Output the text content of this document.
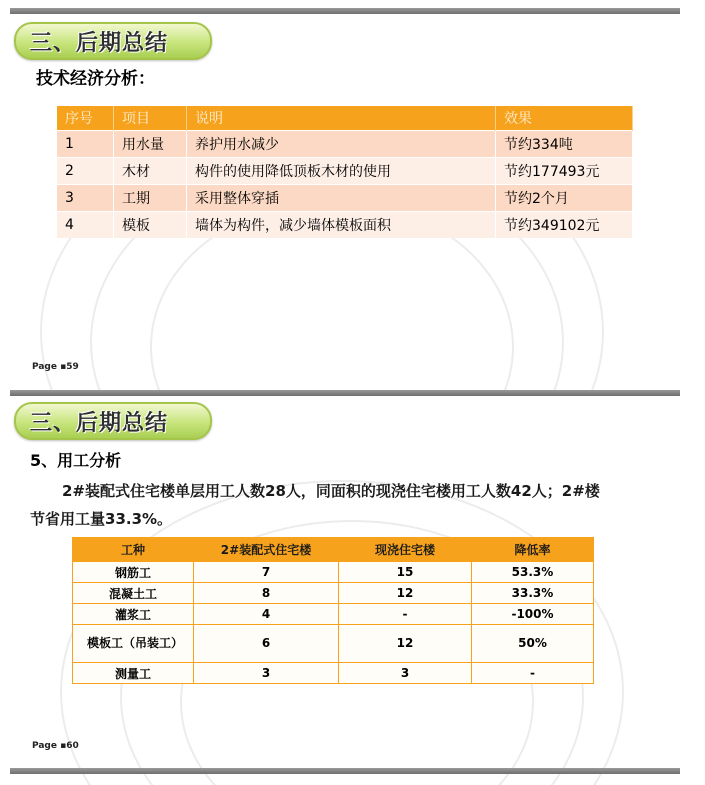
三、后期总结
技术经济分析：
序号	项目	说明	效果
1	用水量	养护用水减少	节约334吨
2	木材	构件的使用降低顶板木材的使用	节约177493元
3	工期	采用整体穿插	节约2个月
4	模板	墙体为构件，减少墙体模板面积	节约349102元
Page ▪59
三、后期总结
5、用工分析
2#装配式住宅楼单层用工人数28人，同面积的现浇住宅楼用工人数42人；2#楼
节省用工量33.3%。
工种	2#装配式住宅楼	现浇住宅楼	降低率
钢筋工	7	15	53.3%
混凝土工	8	12	33.3%
灌浆工	4	-	-100%
模板工（吊装工）	6	12	50%
测量工	3	3	-
Page ▪60
